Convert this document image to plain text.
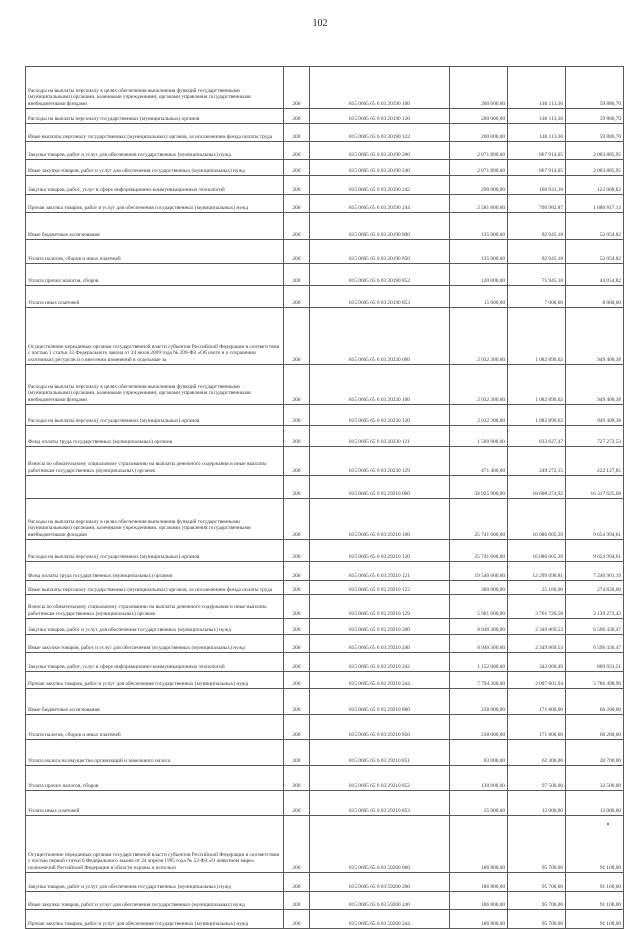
102
Расходы на выплаты персоналу в целях обеспечения выполнения функций государственными (муниципальными) органами, казенными учреждениями, органами управления государственными внебюджетными фондами	200	815 0605 65 6 03 20190 100	200 000,00	140 113,30	59 886,70
Расходы на выплаты персоналу государственных (муниципальных) органов	200	815 0605 65 6 03 20190 120	200 000,00	140 113,30	59 886,70
Иные выплаты персоналу государственных (муниципальных) органов, за исключением фонда оплаты труда	200	815 0605 65 6 03 20190 122	200 000,00	140 113,30	59 886,70
Закупка товаров, работ и услуг для обеспечения государственных (муниципальных) нужд	200	815 0605 65 6 03 20190 200	2 871 800,00	867 914,05	2 003 885,95
Иные закупки товаров, работ и услуг для обеспечения государственных (муниципальных) нужд	200	815 0605 65 6 03 20190 240	2 871 800,00	867 914,05	2 003 885,95
Закупка товаров, работ, услуг в сфере информационно-коммуникационных технологий	200	815 0605 65 6 03 20190 242	290 000,00	166 931,18	123 068,82
Прочая закупка товаров, работ и услуг для обеспечения государственных (муниципальных) нужд	200	815 0605 65 6 03 20190 244	2 581 800,00	700 982,87	1 880 817,13
Иные бюджетные ассигнования	200	815 0605 65 6 03 20190 800	135 000,00	82 945,18	52 054,82
Уплата налогов, сборов и иных платежей	200	815 0605 65 6 03 20190 850	135 000,00	82 945,18	52 054,82
Уплата прочих налогов, сборов	200	815 0605 65 6 03 20190 852	120 000,00	75 945,18	44 054,82
Уплата иных платежей	200	815 0605 65 6 03 20190 853	15 000,00	7 000,00	8 000,00
Осуществление переданных органам государственной власти субъектов Российской Федерации в соответствии с частью 1 статьи 33 Федерального закона от 24 июля 2009 года № 209-ФЗ «Об охоте и о сохранении охотничьих ресурсов и о внесении изменений в отдельные за	200	815 0605 65 6 03 20230 000	2 032 300,00	1 082 899,62	949 400,38
Расходы на выплаты персоналу в целях обеспечения выполнения функций государственными (муниципальными) органами, казенными учреждениями, органами управления государственными внебюджетными фондами	200	815 0605 65 6 03 20230 100	2 032 300,00	1 082 899,62	949 400,38
Расходы на выплаты персоналу государственных (муниципальных) органов	200	815 0605 65 6 03 20230 120	2 032 300,00	1 082 899,62	949 400,38
Фонд оплаты труда государственных (муниципальных) органов	200	815 0605 65 6 03 20230 121	1 560 900,00	833 627,47	727 272,53
Взносы по обязательному социальному страхованию на выплаты денежного содержания и иные выплаты работникам государственных (муниципальных) органов	200	815 0605 65 6 03 20230 129	471 400,00	249 272,15	222 127,85
	200	815 0605 65 6 03 29210 000	34 925 900,00	18 608 274,92	16 317 625,08
Расходы на выплаты персоналу в целях обеспечения выполнения функций государственными (муниципальными) органами, казенными учреждениями, органами управления государственными внебюджетными фондами	200	815 0605 65 6 03 29210 100	25 741 600,00	16 086 605,39	9 654 994,61
Расходы на выплаты персоналу государственных (муниципальных) органов	200	815 0605 65 6 03 29210 120	25 741 600,00	16 086 605,39	9 654 994,61
Фонд оплаты труда государственных (муниципальных) органов	200	815 0605 65 6 03 29210 121	19 540 600,00	12 299 698,81	7 240 901,19
Иные выплаты персоналу государственных (муниципальных) органов, за исключением фонда оплаты труда	200	815 0605 65 6 03 29210 122	300 000,00	25 180,00	274 820,00
Взносы по обязательному социальному страхованию на выплаты денежного содержания и иные выплаты работникам государственных (муниципальных) органов	200	815 0605 65 6 03 29210 129	5 901 000,00	3 761 726,58	2 139 273,42
Закупка товаров, работ и услуг для обеспечения государственных (муниципальных) нужд	200	815 0605 65 6 03 29210 200	8 946 300,00	2 349 869,53	6 596 430,47
Иные закупки товаров, работ и услуг для обеспечения государственных (муниципальных) нужд	200	815 0605 65 6 03 29210 240	8 946 300,00	2 349 869,53	6 596 430,47
Закупка товаров, работ, услуг в сфере информационно-коммуникационных технологий	200	815 0605 65 6 03 29210 242	1 152 000,00	342 068,49	809 931,51
Прочая закупка товаров, работ и услуг для обеспечения государственных (муниципальных) нужд	200	815 0605 65 6 03 29210 244	7 794 300,00	2 007 801,04	5 786 498,96
Иные бюджетные ассигнования	200	815 0605 65 6 03 29210 800	238 000,00	171 800,00	66 200,00
Уплата налогов, сборов и иных платежей	200	815 0605 65 6 03 29210 850	238 000,00	171 800,00	66 200,00
Уплата налога на имущество организаций и земельного налога	200	815 0605 65 6 03 29210 851	83 000,00	62 300,00	20 700,00
Уплата прочих налогов, сборов	200	815 0605 65 6 03 29210 852	130 000,00	97 500,00	32 500,00
Уплата иных платежей	200	815 0605 65 6 03 29210 853	25 000,00	12 000,00	13 000,00
Осуществление переданных органам государственной власти субъектов Российской Федерации в соответствии с частью первой статьи 6 Федерального закона от 24 апреля 1995 года № 52-ФЗ «О животном мире» полномочий Российской Федерации в области охраны и использо	200	815 0605 65 6 03 59200 000	186 800,00	95 700,00	91 100,00
Закупка товаров, работ и услуг для обеспечения государственных (муниципальных) нужд	200	815 0605 65 6 03 59200 200	186 800,00	95 700,00	91 100,00
Иные закупки товаров, работ и услуг для обеспечения государственных (муниципальных) нужд	200	815 0605 65 6 03 59200 240	186 800,00	95 700,00	91 100,00
Прочая закупка товаров, работ и услуг для обеспечения государственных (муниципальных) нужд	200	815 0605 65 6 03 59200 244	186 800,00	95 700,00	91 100,00
